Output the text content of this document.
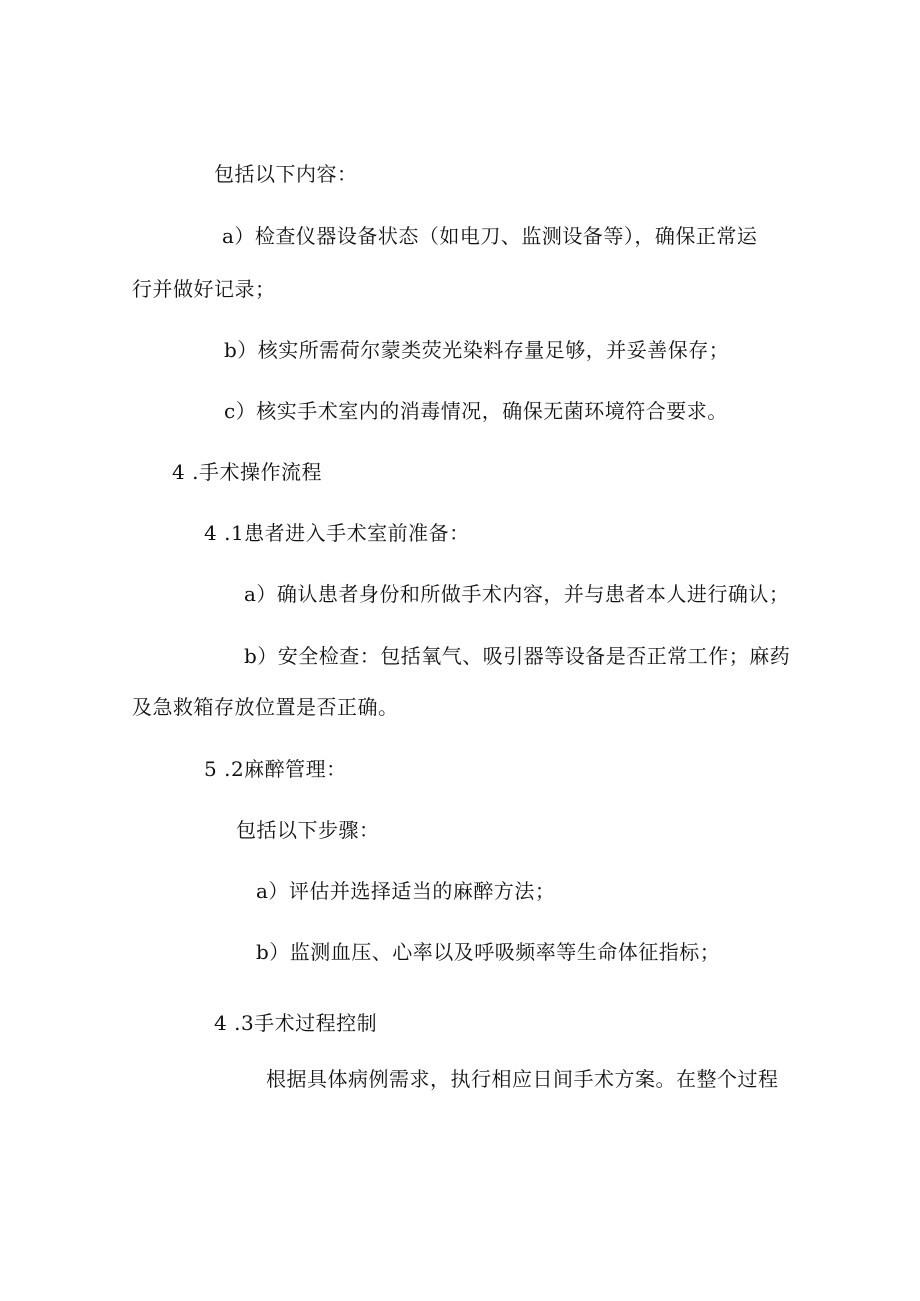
包括以下内容：
a）检查仪器设备状态（如电刀、监测设备等），确保正常运
行并做好记录；
b）核实所需荷尔蒙类荧光染料存量足够，并妥善保存；
c）核实手术室内的消毒情况，确保无菌环境符合要求。
4 .手术操作流程
4 .1患者进入手术室前准备：
a）确认患者身份和所做手术内容，并与患者本人进行确认；
b）安全检查：包括氧气、吸引器等设备是否正常工作；麻药
及急救箱存放位置是否正确。
5 .2麻醉管理：
包括以下步骤：
a）评估并选择适当的麻醉方法；
b）监测血压、心率以及呼吸频率等生命体征指标；
4 .3手术过程控制
根据具体病例需求，执行相应日间手术方案。在整个过程
